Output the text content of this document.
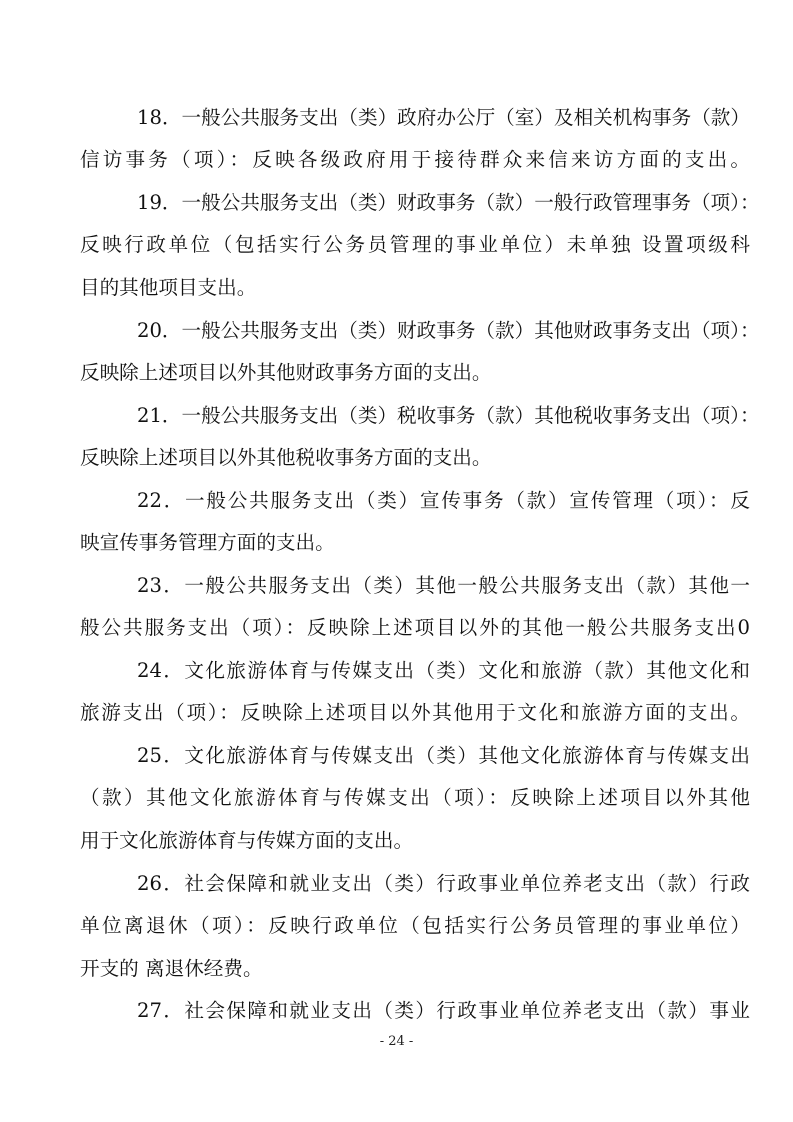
18．一般公共服务支出（类）政府办公厅（室）及相关机构事务（款）
信访事务（项）：反映各级政府用于接待群众来信来访方面的支出。
19．一般公共服务支出（类）财政事务（款）一般行政管理事务（项）：
反映行政单位（包括实行公务员管理的事业单位）未单独 设置项级科
目的其他项目支出。
20．一般公共服务支出（类）财政事务（款）其他财政事务支出（项）：
反映除上述项目以外其他财政事务方面的支出。
21．一般公共服务支出（类）税收事务（款）其他税收事务支出（项）：
反映除上述项目以外其他税收事务方面的支出。
22．一般公共服务支出（类）宣传事务（款）宣传管理（项）：反
映宣传事务管理方面的支出。
23．一般公共服务支出（类）其他一般公共服务支出（款）其他一
般公共服务支出（项）：反映除上述项目以外的其他一般公共服务支出0
24．文化旅游体育与传媒支出（类）文化和旅游（款）其他文化和
旅游支出（项）：反映除上述项目以外其他用于文化和旅游方面的支出。
25．文化旅游体育与传媒支出（类）其他文化旅游体育与传媒支出
（款）其他文化旅游体育与传媒支出（项）：反映除上述项目以外其他
用于文化旅游体育与传媒方面的支出。
26．社会保障和就业支出（类）行政事业单位养老支出（款）行政
单位离退休（项）：反映行政单位（包括实行公务员管理的事业单位）
开支的 离退休经费。
27．社会保障和就业支出（类）行政事业单位养老支出（款）事业
- 24 -
